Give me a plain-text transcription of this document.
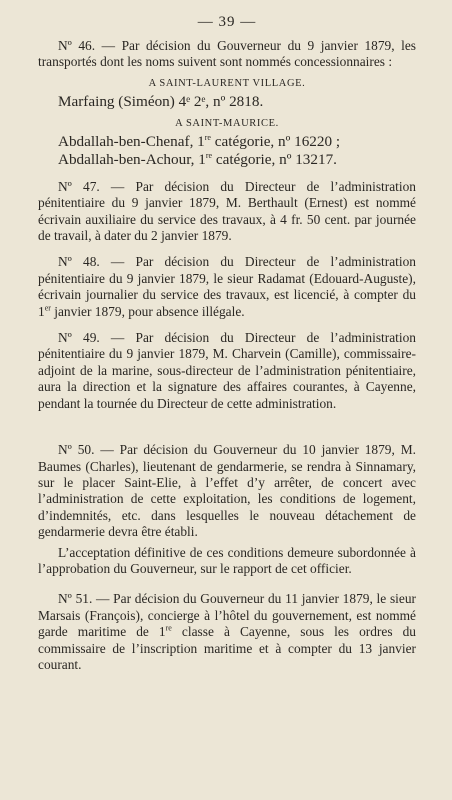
— 39 —

Nº 46. — Par décision du Gouverneur du 9 janvier 1879, les transportés dont les noms suivent sont nommés concessionnaires :

A SAINT-LAURENT VILLAGE.

Marfaing (Siméon) 4ᵉ 2ᵉ, nº 2818.

A SAINT-MAURICE.

Abdallah-ben-Chenaf, 1re catégorie, nº 16220 ;

Abdallah-ben-Achour, 1re catégorie, nº 13217.

Nº 47. — Par décision du Directeur de l’administration pénitentiaire du 9 janvier 1879, M. Berthault (Ernest) est nommé écrivain auxiliaire du service des travaux, à 4 fr. 50 cent. par journée de travail, à dater du 2 janvier 1879.

Nº 48. — Par décision du Directeur de l’administration pénitentiaire du 9 janvier 1879, le sieur Radamat (Edouard-Auguste), écrivain journalier du service des travaux, est licencié, à compter du 1er janvier 1879, pour absence illégale.

Nº 49. — Par décision du Directeur de l’administration pénitentiaire du 9 janvier 1879, M. Charvein (Camille), commissaire-adjoint de la marine, sous-directeur de l’administration pénitentiaire, aura la direction et la signature des affaires courantes, à Cayenne, pendant la tournée du Directeur de cette administration.

Nº 50. — Par décision du Gouverneur du 10 janvier 1879, M. Baumes (Charles), lieutenant de gendarmerie, se rendra à Sinnamary, sur le placer Saint-Elie, à l’effet d’y arrêter, de concert avec l’administration de cette exploitation, les conditions de logement, d’indemnités, etc. dans lesquelles le nouveau détachement de gendarmerie devra être établi.

L’acceptation définitive de ces conditions demeure subordonnée à l’approbation du Gouverneur, sur le rapport de cet officier.

Nº 51. — Par décision du Gouverneur du 11 janvier 1879, le sieur Marsais (François), concierge à l’hôtel du gouvernement, est nommé garde maritime de 1re classe à Cayenne, sous les ordres du commissaire de l’inscription maritime et à compter du 13 janvier courant.
